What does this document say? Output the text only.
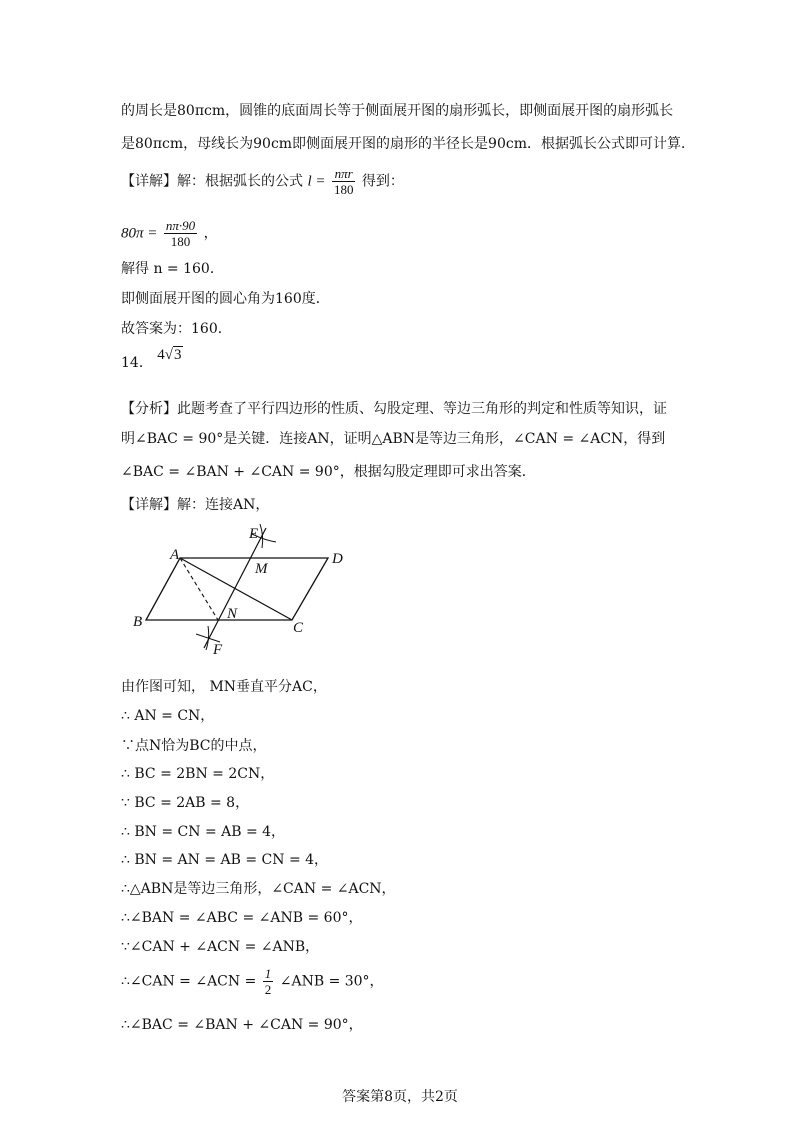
的周长是80πcm，圆锥的底面周长等于侧面展开图的扇形弧长，即侧面展开图的扇形弧长
是80πcm，母线长为90cm即侧面展开图的扇形的半径长是90cm．根据弧长公式即可计算．
【详解】解：根据弧长的公式 $l = \frac{\text{nπr}}{180}$ 得到：
$80\pi = \frac{n\pi\cdot 90}{180}$ ，
解得 n = 160．
即侧面展开图的圆心角为160度．
故答案为：160．
14． 4√3
【分析】此题考查了平行四边形的性质、勾股定理、等边三角形的判定和性质等知识，证
明∠BAC = 90°是关键．连接AN，证明△ABN是等边三角形，∠CAN = ∠ACN，得到
∠BAC = ∠BAN + ∠CAN = 90°，根据勾股定理即可求出答案．
【详解】解：连接AN，
A
B	C
D
E
F
M
N
由作图可知， MN垂直平分AC，
∴ AN = CN，
∵点N恰为BC的中点，
∴ BC = 2BN = 2CN，
∵ BC = 2AB = 8，
∴ BN = CN = AB = 4，
∴ BN = AN = AB = CN = 4，
∴△ABN是等边三角形，∠CAN = ∠ACN，
∴∠BAN = ∠ABC = ∠ANB = 60°，
∵∠CAN + ∠ACN = ∠ANB，
∴∠CAN = ∠ACN = $\frac{1}{2}$ ∠ANB = 30°，
∴∠BAC = ∠BAN + ∠CAN = 90°，
答案第8页，共2页
